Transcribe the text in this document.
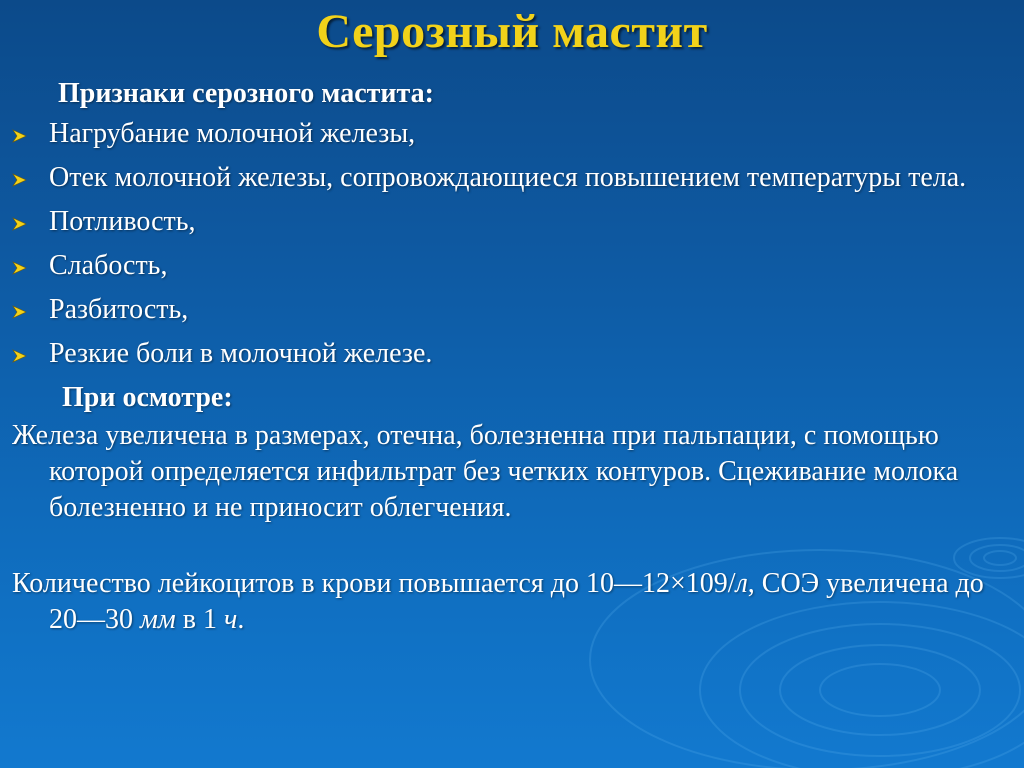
Серозный мастит
Признаки серозного мастита:
Нагрубание молочной железы,
Отек молочной железы, сопровождающиеся повышением температуры тела.
Потливость,
Слабость,
Разбитость,
Резкие боли в молочной железе.
При осмотре:

Железа увеличена в размерах, отечна, болезненна при пальпации, с помощью которой определяется инфильтрат без четких контуров. Сцеживание молока болезненно и не приносит облегчения.

Количество лейкоцитов в крови повышается до 10—12×109/л, СОЭ увеличена до 20—30 мм в 1 ч.
